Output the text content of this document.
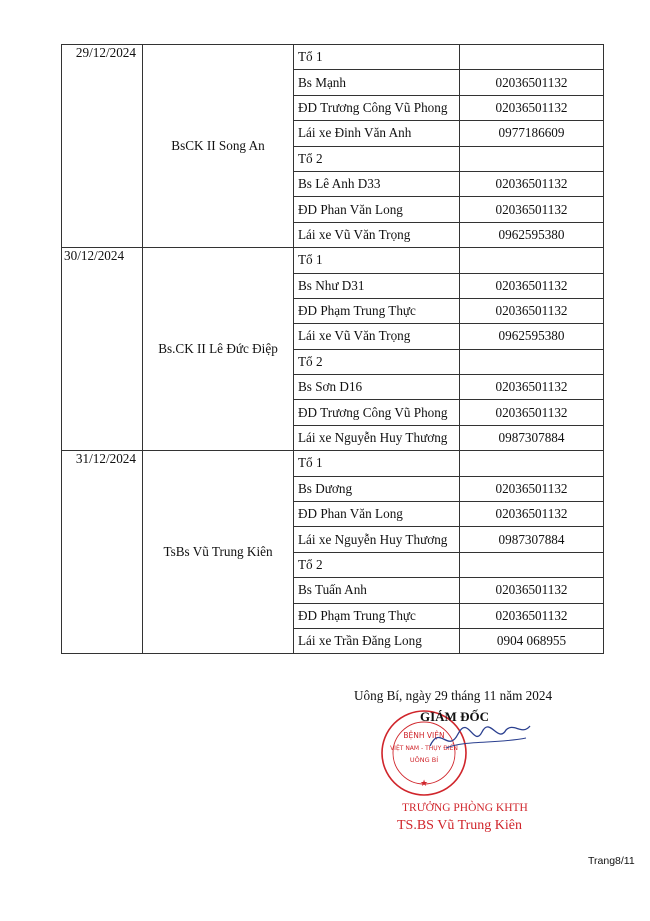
29/12/2024	BsCK II Song An	Tổ 1	
		Bs Mạnh	02036501132
		ĐD Trương Công Vũ Phong	02036501132
		Lái xe Đinh Văn Anh	0977186609
		Tổ 2	
		Bs Lê Anh D33	02036501132
		ĐD Phan Văn Long	02036501132
		Lái xe Vũ Văn Trọng	0962595380
30/12/2024	Bs.CK II Lê Đức Điệp	Tổ 1	
		Bs Như D31	02036501132
		ĐD Phạm Trung Thực	02036501132
		Lái xe Vũ Văn Trọng	0962595380
		Tổ 2	
		Bs Sơn D16	02036501132
		ĐD Trương Công Vũ Phong	02036501132
		Lái xe Nguyễn Huy Thương	0987307884
31/12/2024	TsBs Vũ Trung Kiên	Tổ 1	
		Bs Dương	02036501132
		ĐD Phan Văn Long	02036501132
		Lái xe Nguyễn Huy Thương	0987307884
		Tổ 2	
		Bs Tuấn Anh	02036501132
		ĐD Phạm Trung Thực	02036501132
		Lái xe Trần Đăng Long	0904 068955
Uông Bí, ngày 29 tháng 11 năm 2024
BỆNH VIỆN
VIỆT NAM - THỤY ĐIỂN
UÔNG BÍ
★
GIÁM ĐỐC
TRƯỞNG PHÒNG KHTH
TS.BS Vũ Trung Kiên
Trang8/11
